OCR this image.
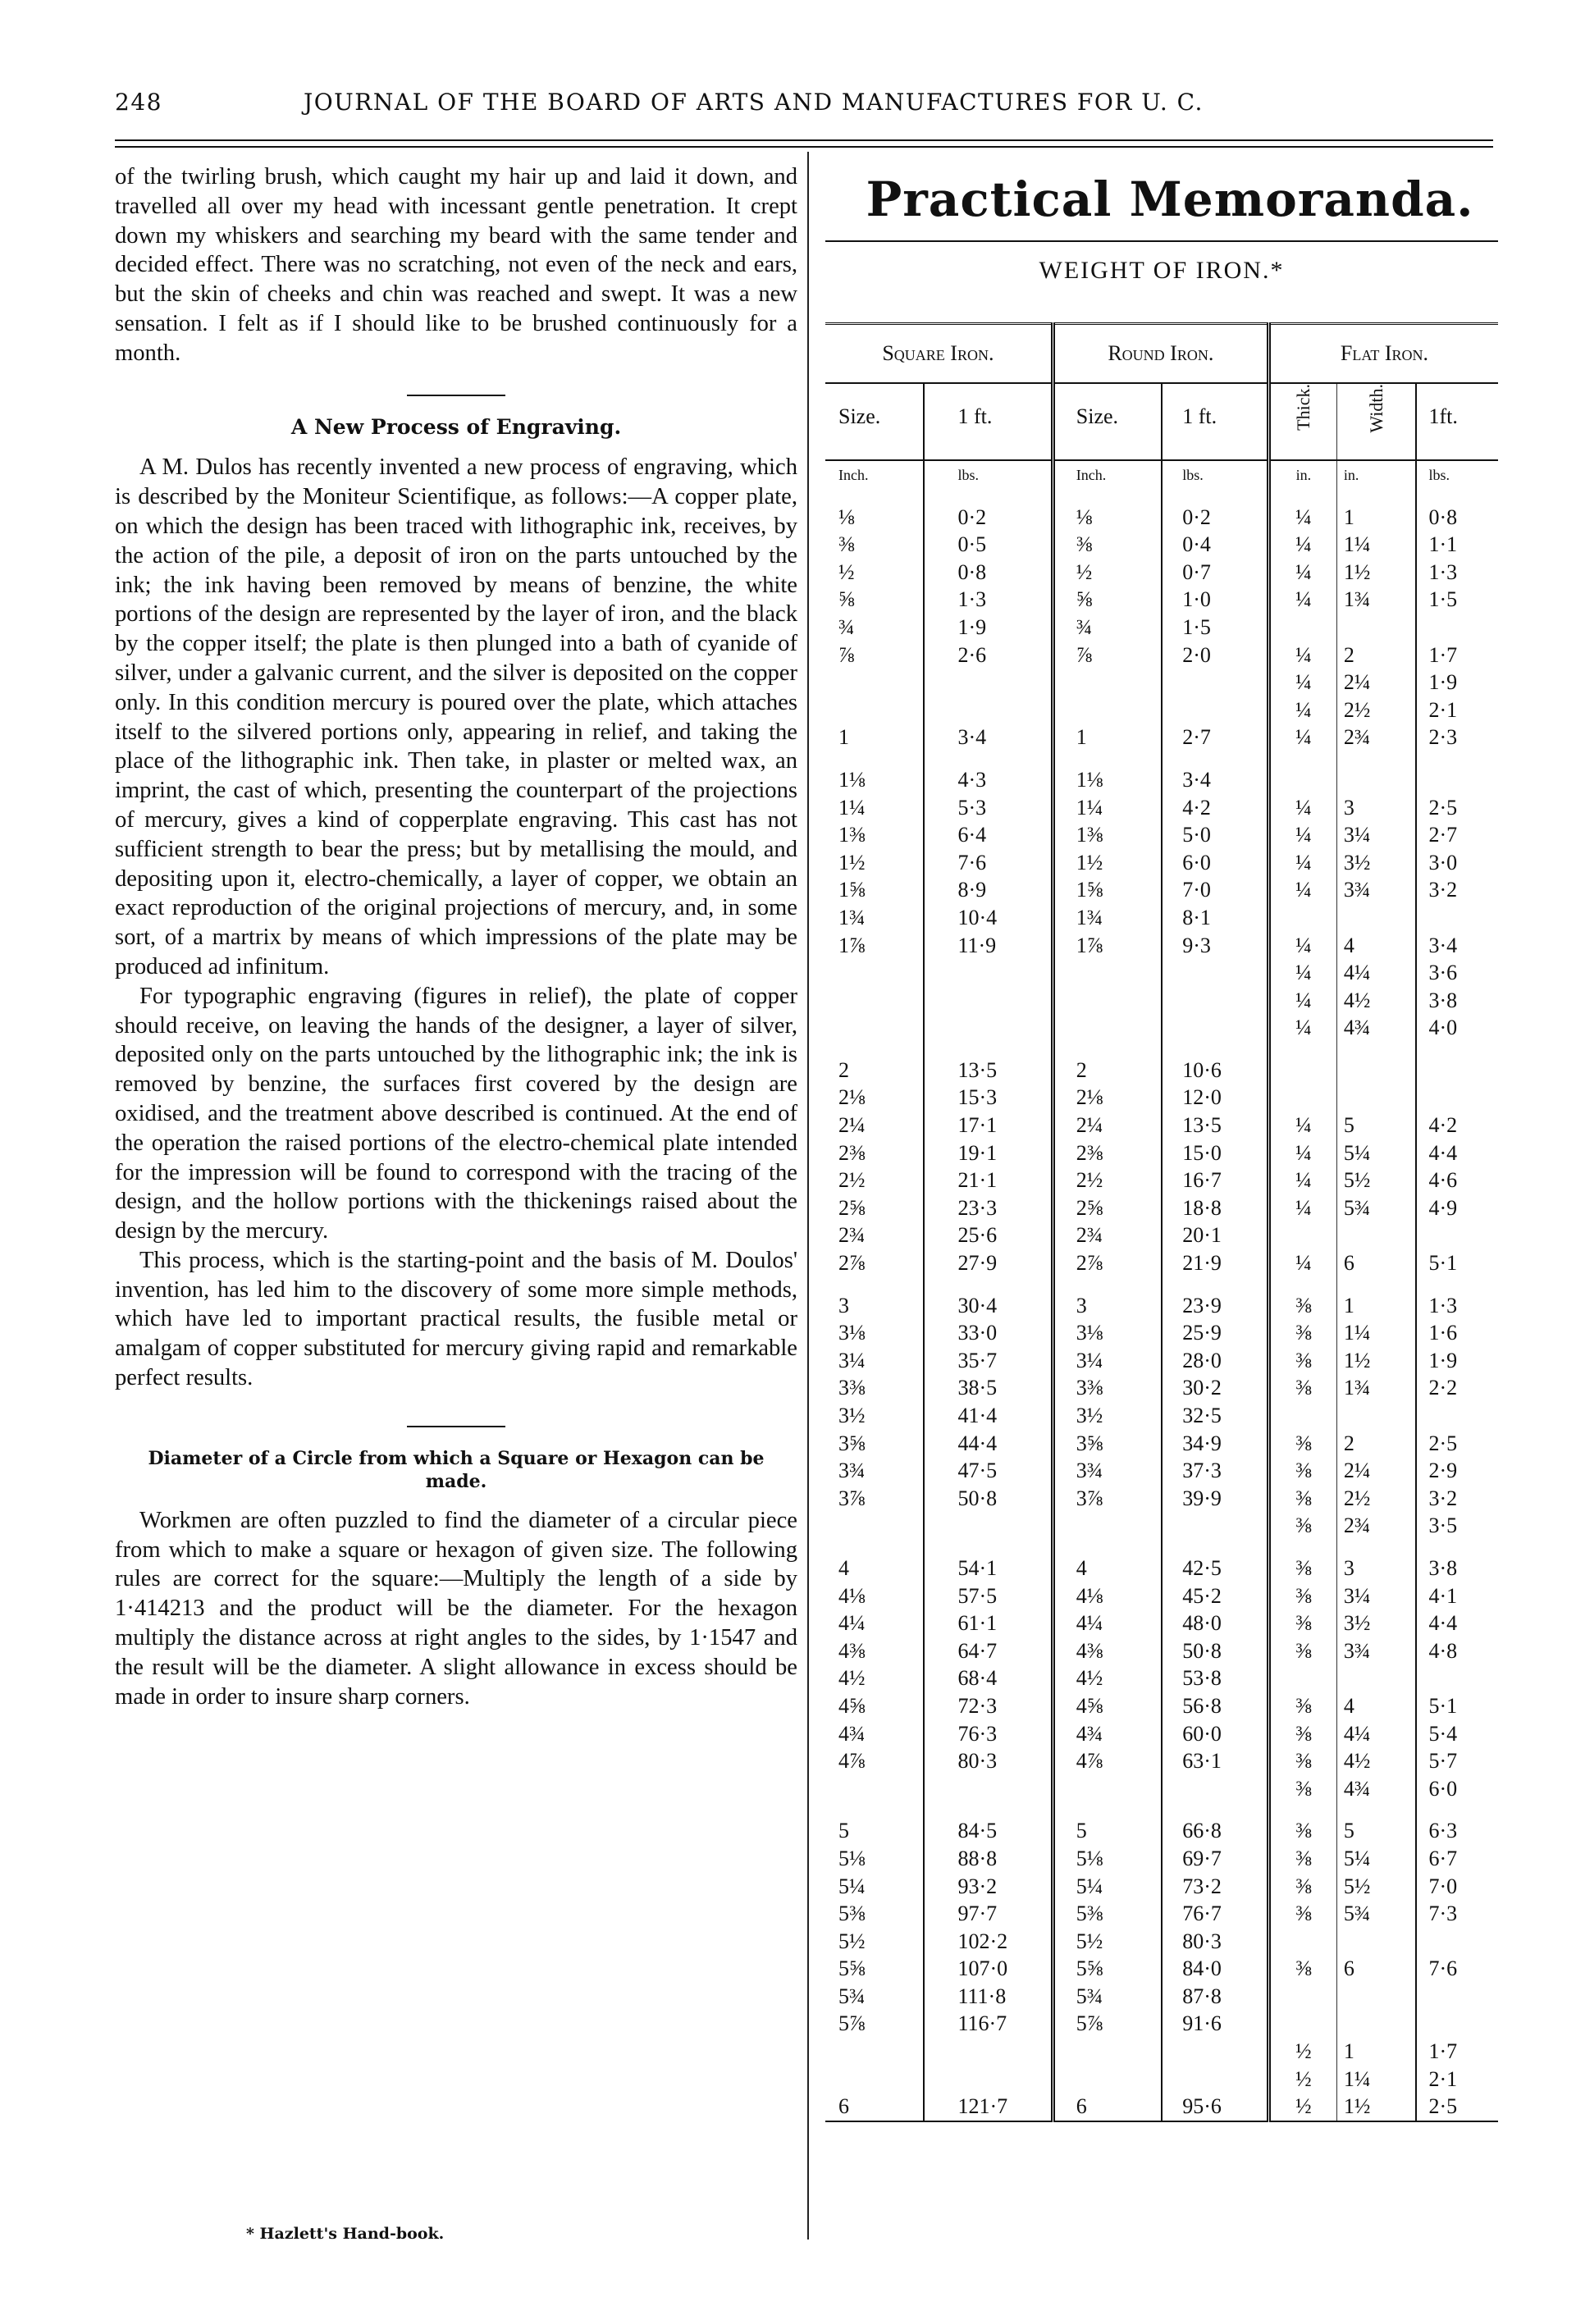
248	JOURNAL OF THE BOARD OF ARTS AND MANUFACTURES FOR U. C.

of the twirling brush, which caught my hair up and laid it down, and travelled all over my head with incessant gentle penetration. It crept down my whiskers and searching my beard with the same tender and decided effect. There was no scratching, not even of the neck and ears, but the skin of cheeks and chin was reached and swept. It was a new sensation. I felt as if I should like to be brushed continuously for a month.

A New Process of Engraving.

A M. Dulos has recently invented a new process of engraving, which is described by the Moniteur Scientifique, as follows:—A copper plate, on which the design has been traced with lithographic ink, receives, by the action of the pile, a deposit of iron on the parts untouched by the ink; the ink having been removed by means of benzine, the white portions of the design are represented by the layer of iron, and the black by the copper itself; the plate is then plunged into a bath of cyanide of silver, under a galvanic current, and the silver is deposited on the copper only. In this condition mercury is poured over the plate, which attaches itself to the silvered portions only, appearing in relief, and taking the place of the lithographic ink. Then take, in plaster or melted wax, an imprint, the cast of which, presenting the counterpart of the projections of mercury, gives a kind of copperplate engraving. This cast has not sufficient strength to bear the press; but by metallising the mould, and depositing upon it, electro-chemically, a layer of copper, we obtain an exact reproduction of the original projections of mercury, and, in some sort, of a martrix by means of which impressions of the plate may be produced ad infinitum.

For typographic engraving (figures in relief), the plate of copper should receive, on leaving the hands of the designer, a layer of silver, deposited only on the parts untouched by the lithographic ink; the ink is removed by benzine, the surfaces first covered by the design are oxidised, and the treatment above described is continued. At the end of the operation the raised portions of the electro-chemical plate intended for the impression will be found to correspond with the tracing of the design, and the hollow portions with the thickenings raised about the design by the mercury.

This process, which is the starting-point and the basis of M. Doulos' invention, has led him to the discovery of some more simple methods, which have led to important practical results, the fusible metal or amalgam of copper substituted for mercury giving rapid and remarkable perfect results.

Diameter of a Circle from which a Square or Hexagon can be made.

Workmen are often puzzled to find the diameter of a circular piece from which to make a square or hexagon of given size. The following rules are correct for the square:—Multiply the length of a side by 1·414213 and the product will be the diameter. For the hexagon multiply the distance across at right angles to the sides, by 1·1547 and the result will be the diameter. A slight allowance in excess should be made in order to insure sharp corners.

Practical Memoranda.
WEIGHT OF IRON.*
Square Iron.		Round Iron.		Flat Iron.		
Size.	1 ft.	Size.	1 ft.	Thick.	Width.	1ft.
Inch.	lbs.	Inch.	lbs.	in.	in.	lbs.

⅛	0·2	⅛	0·2	¼	1	0·8
⅜	0·5	⅜	0·4	¼	1¼	1·1
½	0·8	½	0·7	¼	1½	1·3
⅝	1·3	⅝	1·0	¼	1¾	1·5
¾	1·9	¾	1·5			
⅞	2·6	⅞	2·0	¼	2	1·7
				¼	2¼	1·9
				¼	2½	2·1
1	3·4	1	2·7	¼	2¾	2·3

1⅛	4·3	1⅛	3·4			
1¼	5·3	1¼	4·2	¼	3	2·5
1⅜	6·4	1⅜	5·0	¼	3¼	2·7
1½	7·6	1½	6·0	¼	3½	3·0
1⅝	8·9	1⅝	7·0	¼	3¾	3·2
1¾	10·4	1¾	8·1			
1⅞	11·9	1⅞	9·3	¼	4	3·4
				¼	4¼	3·6
				¼	4½	3·8
				¼	4¾	4·0

2	13·5	2	10·6			
2⅛	15·3	2⅛	12·0			
2¼	17·1	2¼	13·5	¼	5	4·2
2⅜	19·1	2⅜	15·0	¼	5¼	4·4
2½	21·1	2½	16·7	¼	5½	4·6
2⅝	23·3	2⅝	18·8	¼	5¾	4·9
2¾	25·6	2¾	20·1			
2⅞	27·9	2⅞	21·9	¼	6	5·1

3	30·4	3	23·9	⅜	1	1·3
3⅛	33·0	3⅛	25·9	⅜	1¼	1·6
3¼	35·7	3¼	28·0	⅜	1½	1·9
3⅜	38·5	3⅜	30·2	⅜	1¾	2·2
3½	41·4	3½	32·5			
3⅝	44·4	3⅝	34·9	⅜	2	2·5
3¾	47·5	3¾	37·3	⅜	2¼	2·9
3⅞	50·8	3⅞	39·9	⅜	2½	3·2
				⅜	2¾	3·5

4	54·1	4	42·5	⅜	3	3·8
4⅛	57·5	4⅛	45·2	⅜	3¼	4·1
4¼	61·1	4¼	48·0	⅜	3½	4·4
4⅜	64·7	4⅜	50·8	⅜	3¾	4·8
4½	68·4	4½	53·8			
4⅝	72·3	4⅝	56·8	⅜	4	5·1
4¾	76·3	4¾	60·0	⅜	4¼	5·4
4⅞	80·3	4⅞	63·1	⅜	4½	5·7
				⅜	4¾	6·0

5	84·5	5	66·8	⅜	5	6·3
5⅛	88·8	5⅛	69·7	⅜	5¼	6·7
5¼	93·2	5¼	73·2	⅜	5½	7·0
5⅜	97·7	5⅜	76·7	⅜	5¾	7·3
5½	102·2	5½	80·3			
5⅝	107·0	5⅝	84·0	⅜	6	7·6
5¾	111·8	5¾	87·8			
5⅞	116·7	5⅞	91·6			
				½	1	1·7
				½	1¼	2·1
6	121·7	6	95·6	½	1½	2·5
* Hazlett's Hand-book.
